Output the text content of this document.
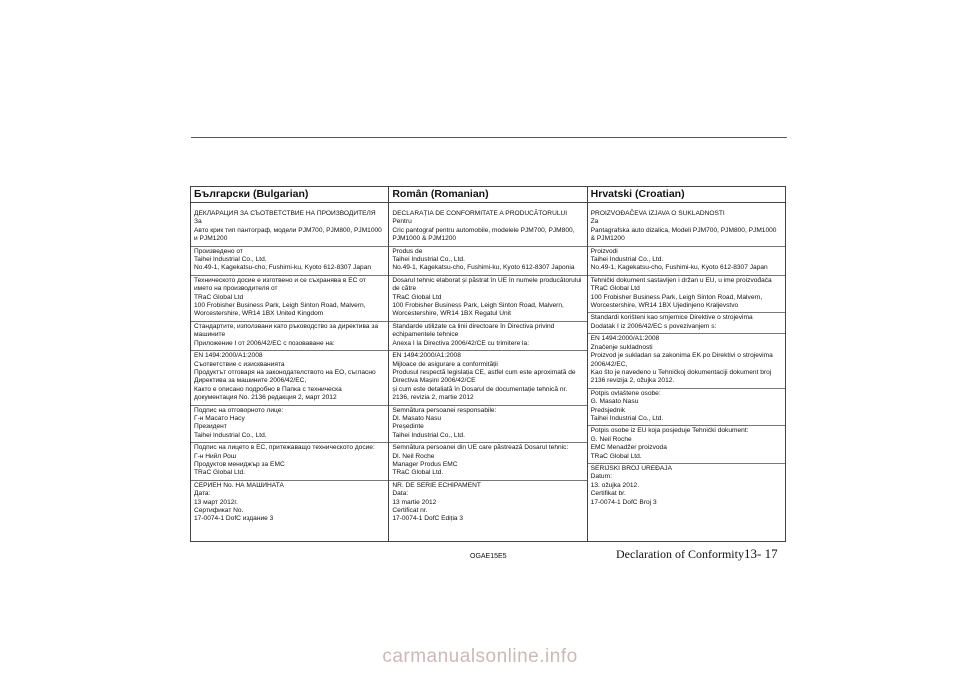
Български (Bulgarian)
ДЕКЛАРАЦИЯ ЗА СЪОТВЕТСТВИЕ НА ПРОИЗВОДИТЕЛЯ
За
Авто крик тип пантограф, модели PJM700, PJM800, PJM1000 и PJM1200
Произведено от
Taihei Industrial Co., Ltd.
No.49-1, Kagekatsu-cho, Fushimi-ku, Kyoto 612-8307 Japan
Техническото досие е изготвено и се съхранява в ЕС от името на производителя от
TRaC Global Ltd
100 Frobisher Business Park, Leigh Sinton Road, Malvern, Worcestershire, WR14 1BX United Kingdom
Стандартите, използвани като ръководство за директива за машините
Приложение I от 2006/42/ЕС с позоваване на:
EN 1494:2000/A1:2008
Съответствие с изискванията
Продуктът отговаря на законодателството на ЕО, съгласно Директива за машините 2006/42/ЕС,
Както е описано подробно в Папка с техническа документация No. 2136 редакция 2, март 2012
Подпис на отговорното лице:
Г-н Масато Насу
Президент
Taihei Industrial Co., Ltd.
Подпис на лицето в ЕС, притежаващо техническото досие:
Г-н Нийл Рош
Продуктов мениджър за ЕМС
TRaC Global Ltd.
СЕРИЕН No. НА МАШИНАТА
Дата:
13 март 2012г.
Сертификат No.
17-0074-1 DofC издание 3
Român (Romanian)
DECLARAȚIA DE CONFORMITATE A PRODUCĂTORULUI
Pentru
Cric pantograf pentru automobile, modelele PJM700, PJM800, PJM1000 & PJM1200
Produs de
Taihei Industrial Co., Ltd.
No.49-1, Kagekatsu-cho, Fushimi-ku, Kyoto 612-8307 Japonia
Dosarul tehnic elaborat și păstrat în UE în numele producătorului de către
TRaC Global Ltd
100 Frobisher Business Park, Leigh Sinton Road, Malvern, Worcestershire, WR14 1BX Regatul Unit
Standarde utilizate ca linii directoare în Directiva privind echipamentele tehnice
Anexa I la Directiva 2006/42/CE cu trimitere la:
EN 1494:2000/A1:2008
Mijloace de asigurare a conformității
Produsul respectă legislația CE, astfel cum este aproximată de Directiva Mașini 2006/42/CE
și cum este detaliată în Dosarul de documentație tehnică nr. 2136, revizia 2, martie 2012
Semnătura persoanei responsabile:
Dl. Masato Nasu
Președinte
Taihei Industrial Co., Ltd.
Semnătura persoanei din UE care păstrează Dosarul tehnic:
Dl. Neil Roche
Manager Produs EMC
TRaC Global Ltd.
NR. DE SERIE ECHIPAMENT
Data:
13 martie 2012
Certificat nr.
17-0074-1 DofC Ediția 3
Hrvatski (Croatian)
PROIZVOĐAČEVA IZJAVA O SUKLADNOSTI
Za
Pantagrafska auto dizalica, Modeli PJM700, PJM800, PJM1000 & PJM1200
Proizvodi
Taihei Industrial Co., Ltd.
No.49-1, Kagekatsu-cho, Fushimi-ku, Kyoto 612-8307 Japan
Tehnički dokument sastavljen i držan u EU, u ime proizvođača
TRaC Global Ltd
100 Frobisher Business Park, Leigh Sinton Road, Malvern, Worcestershire, WR14 1BX Ujedinjeno Kraljevstvo
Standardi korišteni kao smjernice Direktive o strojevima
Dodatak I iz 2006/42/EC s povezivanjem s:
EN 1494:2000/A1:2008
Značenje sukladnosti
Proizvod je sukladan sa zakonima EK po Direktivi o strojevima 2006/42/EC,
Kao što je navedeno u Tehničkoj dokumentaciji dokument broj 2136 revizija 2, ožujka 2012.
Potpis ovlaštene osobe:
G. Masato Nasu
Predsjednik
Taihei Industrial Co., Ltd.
Potpis osobe iz EU koja posjeduje Tehnički dokument:
G. Neil Roche
EMC Menadžer proizvoda
TRaC Global Ltd.
SERIJSKI BROJ UREĐAJA
Datum:
13. ožujka 2012.
Certifikat br.
17-0074-1 DofC Broj 3
OGAE15E5	Declaration of Conformity 13- 17
carmanualsonline.info
